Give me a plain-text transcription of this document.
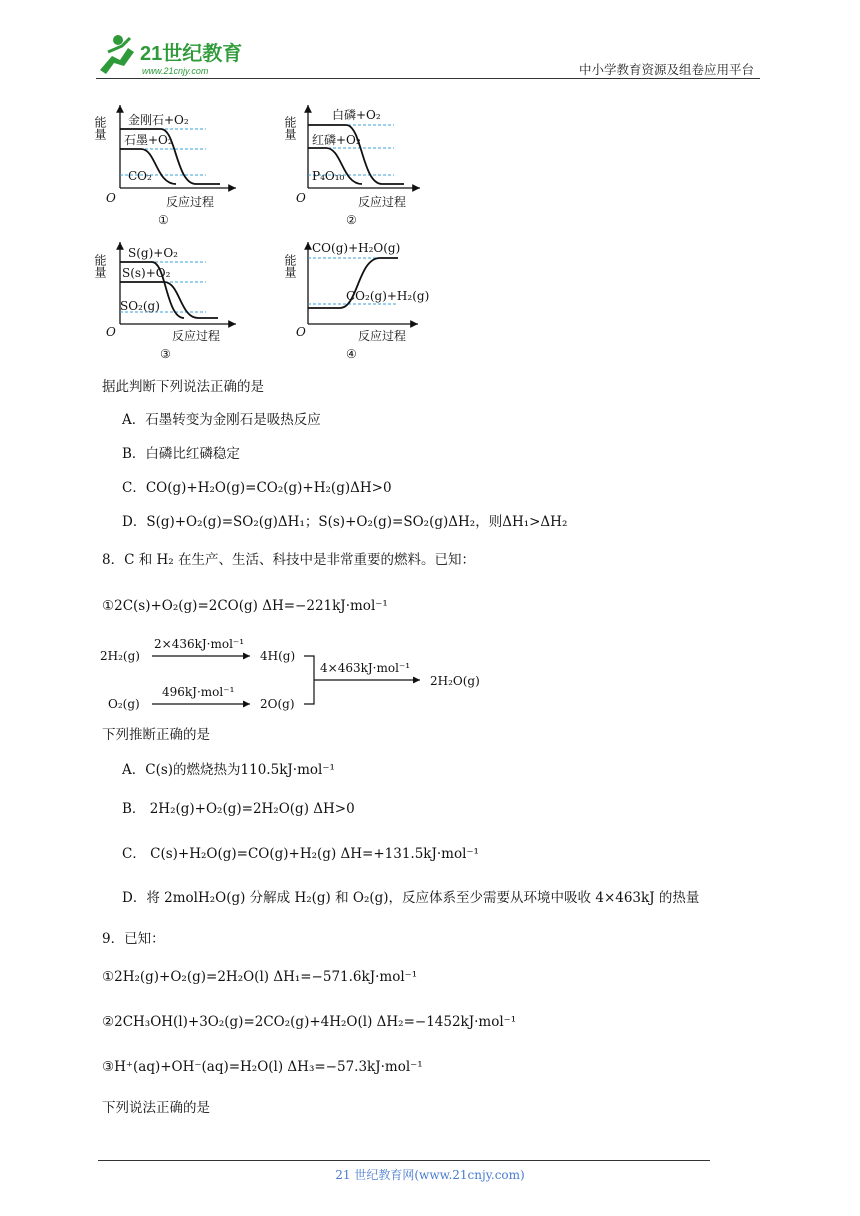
21世纪教育
www.21cnjy.com	中小学教育资源及组卷应用平台
能量 金刚石+O₂
石墨+O₂
CO₂
O	反应过程
①
能量
白磷+O₂
红磷+O₂
P₄O₁₀
O	反应过程
②
能量
S(g)+O₂
S(s)+O₂
SO₂(g)
O	反应过程
③
能量
CO(g)+H₂O(g)
CO₂(g)+H₂(g)
O	反应过程
④
据此判断下列说法正确的是
A．石墨转变为金刚石是吸热反应
B．白磷比红磷稳定
C．CO(g)+H₂O(g)=CO₂(g)+H₂(g)ΔH>0
D．S(g)+O₂(g)=SO₂(g)ΔH₁；S(s)+O₂(g)=SO₂(g)ΔH₂，则ΔH₁>ΔH₂
8．C 和 H₂ 在生产、生活、科技中是非常重要的燃料。已知：
①2C(s)+O₂(g)=2CO(g) ΔH=−221kJ·mol⁻¹
2H₂(g)
2×436kJ·mol⁻¹
4H(g)
O₂(g)
496kJ·mol⁻¹
2O(g)
4×463kJ·mol⁻¹
2H₂O(g)
下列推断正确的是
A．C(s)的燃烧热为110.5kJ·mol⁻¹
B． 2H₂(g)+O₂(g)=2H₂O(g) ΔH>0
C． C(s)+H₂O(g)=CO(g)+H₂(g) ΔH=+131.5kJ·mol⁻¹
D．将 2molH₂O(g) 分解成 H₂(g) 和 O₂(g)，反应体系至少需要从环境中吸收 4×463kJ 的热量
9．已知：
①2H₂(g)+O₂(g)=2H₂O(l) ΔH₁=−571.6kJ·mol⁻¹
②2CH₃OH(l)+3O₂(g)=2CO₂(g)+4H₂O(l) ΔH₂=−1452kJ·mol⁻¹
③H⁺(aq)+OH⁻(aq)=H₂O(l) ΔH₃=−57.3kJ·mol⁻¹
下列说法正确的是
21 世纪教育网(www.21cnjy.com)
